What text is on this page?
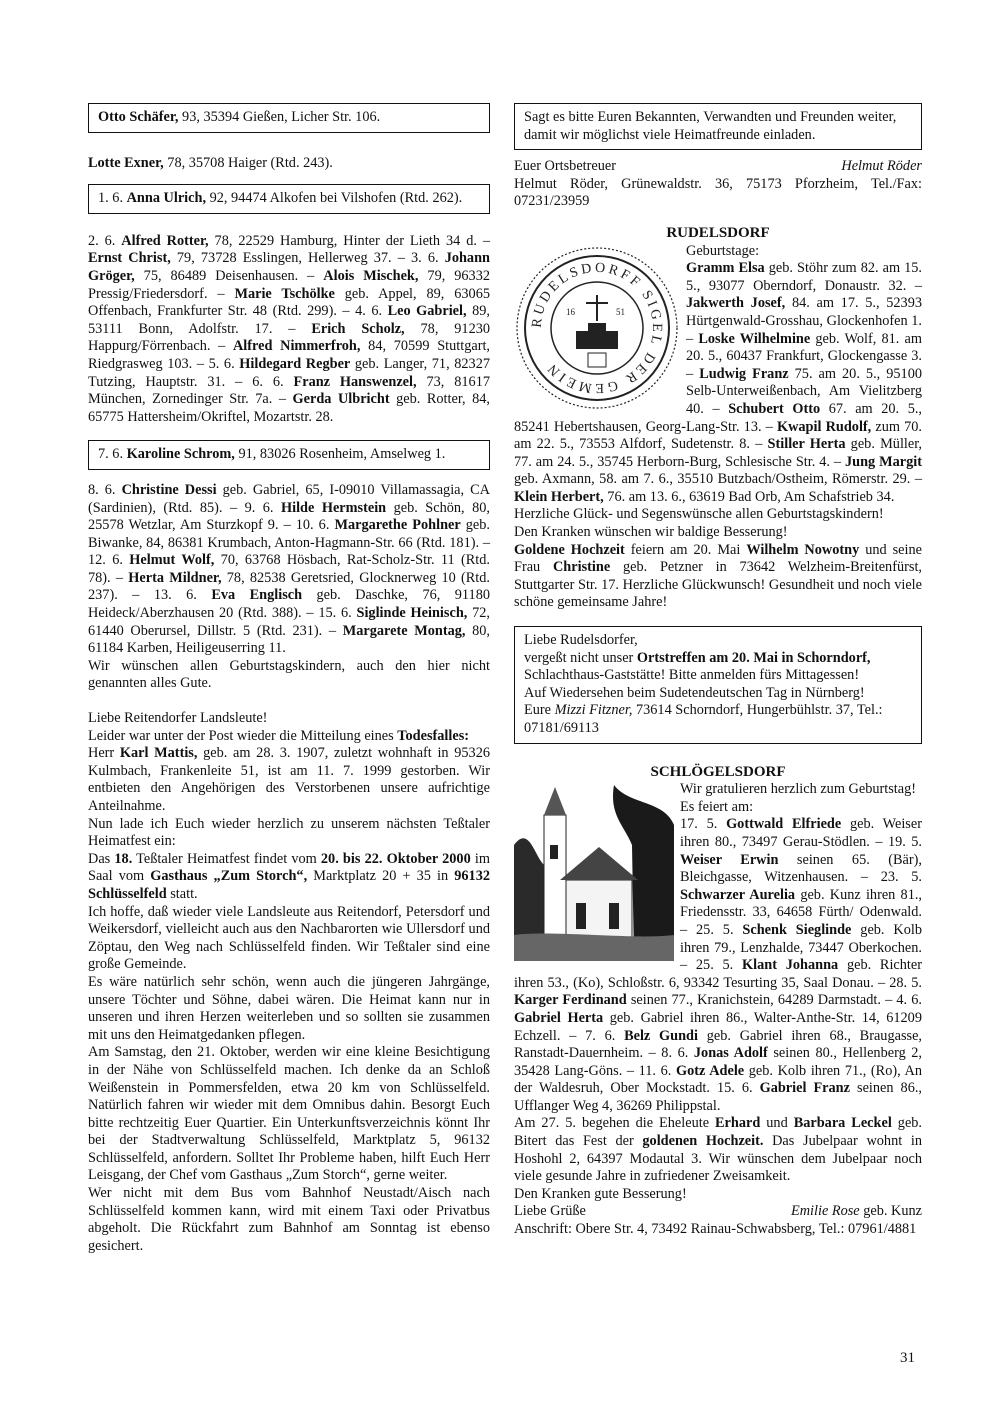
Otto Schäfer, 93, 35394 Gießen, Licher Str. 106.

Lotte Exner, 78, 35708 Haiger (Rtd. 243).

1. 6. Anna Ulrich, 92, 94474 Alkofen bei Vilshofen (Rtd. 262).

2. 6. Alfred Rotter, 78, 22529 Hamburg, Hinter der Lieth 34 d. – Ernst Christ, 79, 73728 Esslingen, Hellerweg 37. – 3. 6. Johann Gröger, 75, 86489 Deisenhausen. – Alois Mischek, 79, 96332 Pressig/Friedersdorf. – Marie Tschölke geb. Appel, 89, 63065 Offenbach, Frankfurter Str. 48 (Rtd. 299). – 4. 6. Leo Gabriel, 89, 53111 Bonn, Adolfstr. 17. – Erich Scholz, 78, 91230 Happurg/Förrenbach. – Alfred Nimmerfroh, 84, 70599 Stuttgart, Riedgrasweg 103. – 5. 6. Hildegard Regber geb. Langer, 71, 82327 Tutzing, Hauptstr. 31. – 6. 6. Franz Hanswenzel, 73, 81617 München, Zornedinger Str. 7a. – Gerda Ulbricht geb. Rotter, 84, 65775 Hattersheim/Okriftel, Mozartstr. 28.

7. 6. Karoline Schrom, 91, 83026 Rosenheim, Amselweg 1.

8. 6. Christine Dessi geb. Gabriel, 65, I-09010 Villamassagia, CA (Sardinien), (Rtd. 85). – 9. 6. Hilde Hermstein geb. Schön, 80, 25578 Wetzlar, Am Sturzkopf 9. – 10. 6. Margarethe Pohlner geb. Biwanke, 84, 86381 Krumbach, Anton-Hagmann-Str. 66 (Rtd. 181). – 12. 6. Helmut Wolf, 70, 63768 Hösbach, Rat-Scholz-Str. 11 (Rtd. 78). – Herta Mildner, 78, 82538 Geretsried, Glocknerweg 10 (Rtd. 237). – 13. 6. Eva Englisch geb. Daschke, 76, 91180 Heideck/Aberzhausen 20 (Rtd. 388). – 15. 6. Siglinde Heinisch, 72, 61440 Oberursel, Dillstr. 5 (Rtd. 231). – Margarete Montag, 80, 61184 Karben, Heiligeuserring 11.

Wir wünschen allen Geburtstagskindern, auch den hier nicht genannten alles Gute.

Liebe Reitendorfer Landsleute!

Leider war unter der Post wieder die Mitteilung eines Todesfalles:

Herr Karl Mattis, geb. am 28. 3. 1907, zuletzt wohnhaft in 95326 Kulmbach, Frankenleite 51, ist am 11. 7. 1999 gestorben. Wir entbieten den Angehörigen des Verstorbenen unsere aufrichtige Anteilnahme.

Nun lade ich Euch wieder herzlich zu unserem nächsten Teßtaler Heimatfest ein:

Das 18. Teßtaler Heimatfest findet vom 20. bis 22. Oktober 2000 im Saal vom Gasthaus „Zum Storch“, Marktplatz 20 + 35 in 96132 Schlüsselfeld statt.

Ich hoffe, daß wieder viele Landsleute aus Reitendorf, Petersdorf und Weikersdorf, vielleicht auch aus den Nachbarorten wie Ullersdorf und Zöptau, den Weg nach Schlüsselfeld finden. Wir Teßtaler sind eine große Gemeinde.

Es wäre natürlich sehr schön, wenn auch die jüngeren Jahrgänge, unsere Töchter und Söhne, dabei wären. Die Heimat kann nur in unseren und ihren Herzen weiterleben und so sollten sie zusammen mit uns den Heimatgedanken pflegen.

Am Samstag, den 21. Oktober, werden wir eine kleine Besichtigung in der Nähe von Schlüsselfeld machen. Ich denke da an Schloß Weißenstein in Pommersfelden, etwa 20 km von Schlüsselfeld. Natürlich fahren wir wieder mit dem Omnibus dahin. Besorgt Euch bitte rechtzeitig Euer Quartier. Ein Unterkunftsverzeichnis könnt Ihr bei der Stadtverwaltung Schlüsselfeld, Marktplatz 5, 96132 Schlüsselfeld, anfordern. Solltet Ihr Probleme haben, hilft Euch Herr Leisgang, der Chef vom Gasthaus „Zum Storch“, gerne weiter.

Wer nicht mit dem Bus vom Bahnhof Neustadt/Aisch nach Schlüsselfeld kommen kann, wird mit einem Taxi oder Privatbus abgeholt. Die Rückfahrt zum Bahnhof am Sonntag ist ebenso gesichert.

Sagt es bitte Euren Bekannten, Verwandten und Freunden weiter, damit wir möglichst viele Heimatfreunde einladen.
Euer Ortsbetreuer	Helmut Röder

Helmut Röder, Grünewaldstr. 36, 75173 Pforzheim, Tel./Fax: 07231/23959

RUDELSDORF
RUDELSDORFF SIGEL DER GEMEIN
16	51

Geburtstage:
Gramm Elsa geb. Stöhr zum 82. am 15. 5., 93077 Oberndorf, Donaustr. 32. – Jakwerth Josef, 84. am 17. 5., 52393 Hürtgenwald-Grosshau, Glockenhofen 1. – Loske Wilhelmine geb. Wolf, 81. am 20. 5., 60437 Frankfurt, Glockengasse 3. – Ludwig Franz 75. am 20. 5., 95100 Selb-Unterweißenbach, Am Vielitzberg 40. – Schubert Otto 67. am 20. 5., 85241 Hebertshausen, Georg-Lang-Str. 13. – Kwapil Rudolf, zum 70. am 22. 5., 73553 Alfdorf, Sudetenstr. 8. – Stiller Herta geb. Müller, 77. am 24. 5., 35745 Herborn-Burg, Schlesische Str. 4. – Jung Margit geb. Axmann, 58. am 7. 6., 35510 Butzbach/Ostheim, Römerstr. 29. – Klein Herbert, 76. am 13. 6., 63619 Bad Orb, Am Schafstrieb 34.

Herzliche Glück- und Segenswünsche allen Geburtstagskindern!

Den Kranken wünschen wir baldige Besserung!

Goldene Hochzeit feiern am 20. Mai Wilhelm Nowotny und seine Frau Christine geb. Petzner in 73642 Welzheim-Breitenfürst, Stuttgarter Str. 17. Herzliche Glückwunsch! Gesundheit und noch viele schöne gemeinsame Jahre!

Liebe Rudelsdorfer,
vergeßt nicht unser Ortstreffen am 20. Mai in Schorndorf,
Schlachthaus-Gaststätte! Bitte anmelden fürs Mittagessen!
Auf Wiedersehen beim Sudetendeutschen Tag in Nürnberg!
Eure Mizzi Fitzner, 73614 Schorndorf, Hungerbühlstr. 37, Tel.: 07181/69113
SCHLÖGELSDORF

Wir gratulieren herzlich zum Geburtstag!

Es feiert am:

17. 5. Gottwald Elfriede geb. Weiser ihren 80., 73497 Gerau-Stödlen. – 19. 5. Weiser Erwin seinen 65. (Bär), Bleichgasse, Witzenhausen. – 23. 5. Schwarzer Aurelia geb. Kunz ihren 81., Friedensstr. 33, 64658 Fürth/ Odenwald. – 25. 5. Schenk Sieglinde geb. Kolb ihren 79., Lenzhalde, 73447 Oberkochen. – 25. 5. Klant Johanna geb. Richter ihren 53., (Ko), Schloßstr. 6, 93342 Tesurting 35, Saal Donau. – 28. 5. Karger Ferdinand seinen 77., Kranichstein, 64289 Darmstadt. – 4. 6. Gabriel Herta geb. Gabriel ihren 86., Walter-Anthe-Str. 14, 61209 Echzell. – 7. 6. Belz Gundi geb. Gabriel ihren 68., Braugasse, Ranstadt-Dauernheim. – 8. 6. Jonas Adolf seinen 80., Hellenberg 2, 35428 Lang-Göns. – 11. 6. Gotz Adele geb. Kolb ihren 71., (Ro), An der Waldesruh, Ober Mockstadt. 15. 6. Gabriel Franz seinen 86., Ufflanger Weg 4, 36269 Philippstal.

Am 27. 5. begehen die Eheleute Erhard und Barbara Leckel geb. Bitert das Fest der goldenen Hochzeit. Das Jubelpaar wohnt in Hoshohl 2, 64397 Modautal 3. Wir wünschen dem Jubelpaar noch viele gesunde Jahre in zufriedener Zweisamkeit.

Den Kranken gute Besserung!

Liebe Grüße	Emilie Rose geb. Kunz

Anschrift: Obere Str. 4, 73492 Rainau-Schwabsberg, Tel.: 07961/4881

31
